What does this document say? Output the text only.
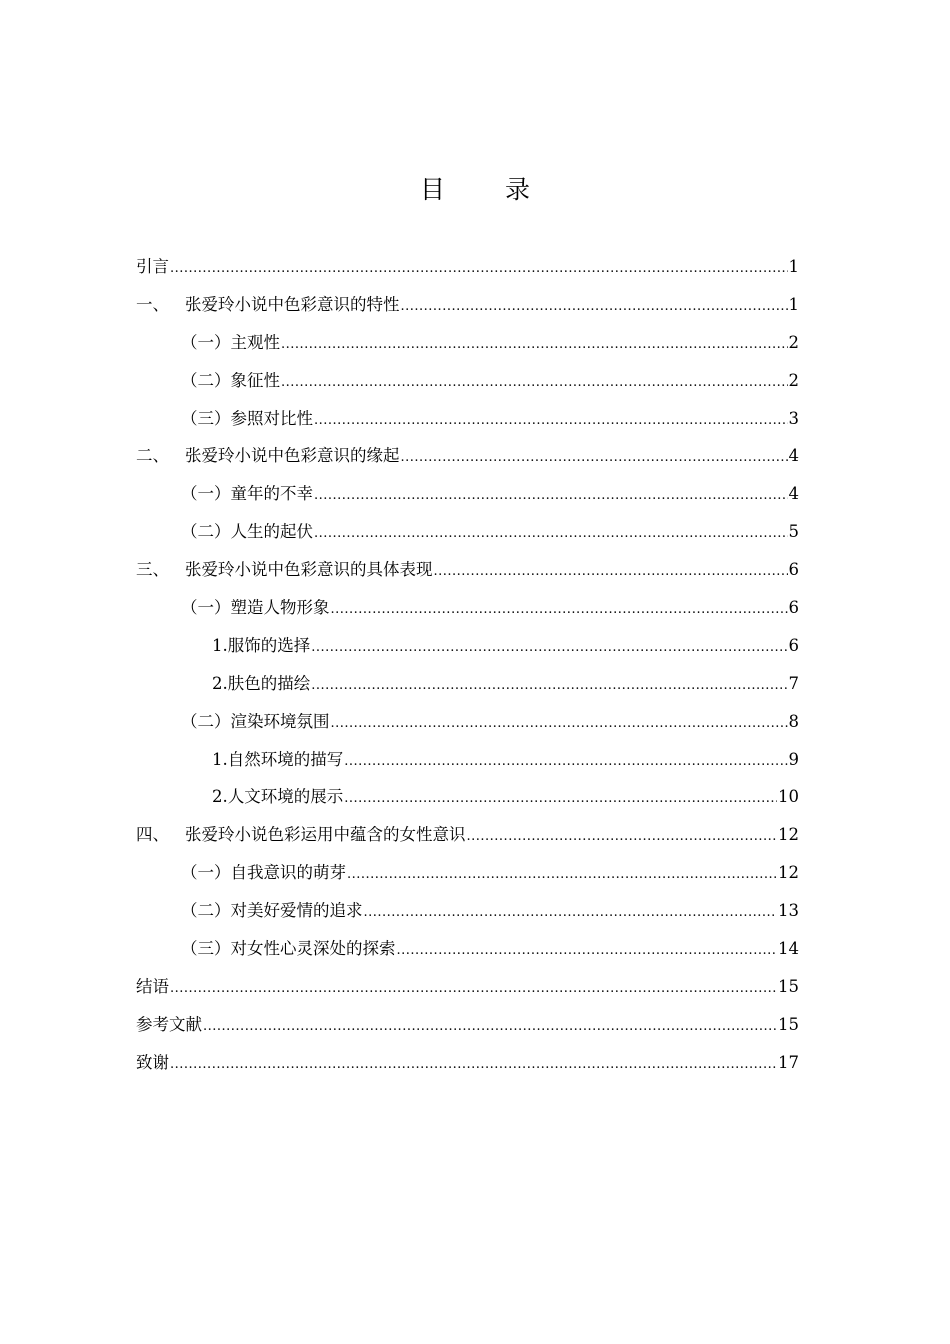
目 录
引言 .....	1
一、 张爱玲小说中色彩意识的特性 .....	1
（一）主观性 .....	2
（二）象征性 .....	2
（三）参照对比性 .....	3
二、 张爱玲小说中色彩意识的缘起 .....	4
（一）童年的不幸 .....	4
（二）人生的起伏 .....	5
三、 张爱玲小说中色彩意识的具体表现 .....	6
（一）塑造人物形象 .....	6
1.服饰的选择 .....	6
2.肤色的描绘 .....	7
（二）渲染环境氛围 .....	8
1.自然环境的描写 .....	9
2.人文环境的展示 .....	10
四、 张爱玲小说色彩运用中蕴含的女性意识 .....	12
（一）自我意识的萌芽 .....	12
（二）对美好爱情的追求 .....	13
（三）对女性心灵深处的探索 .....	14
结语 .....	15
参考文献 .....	15
致谢 .....	17
